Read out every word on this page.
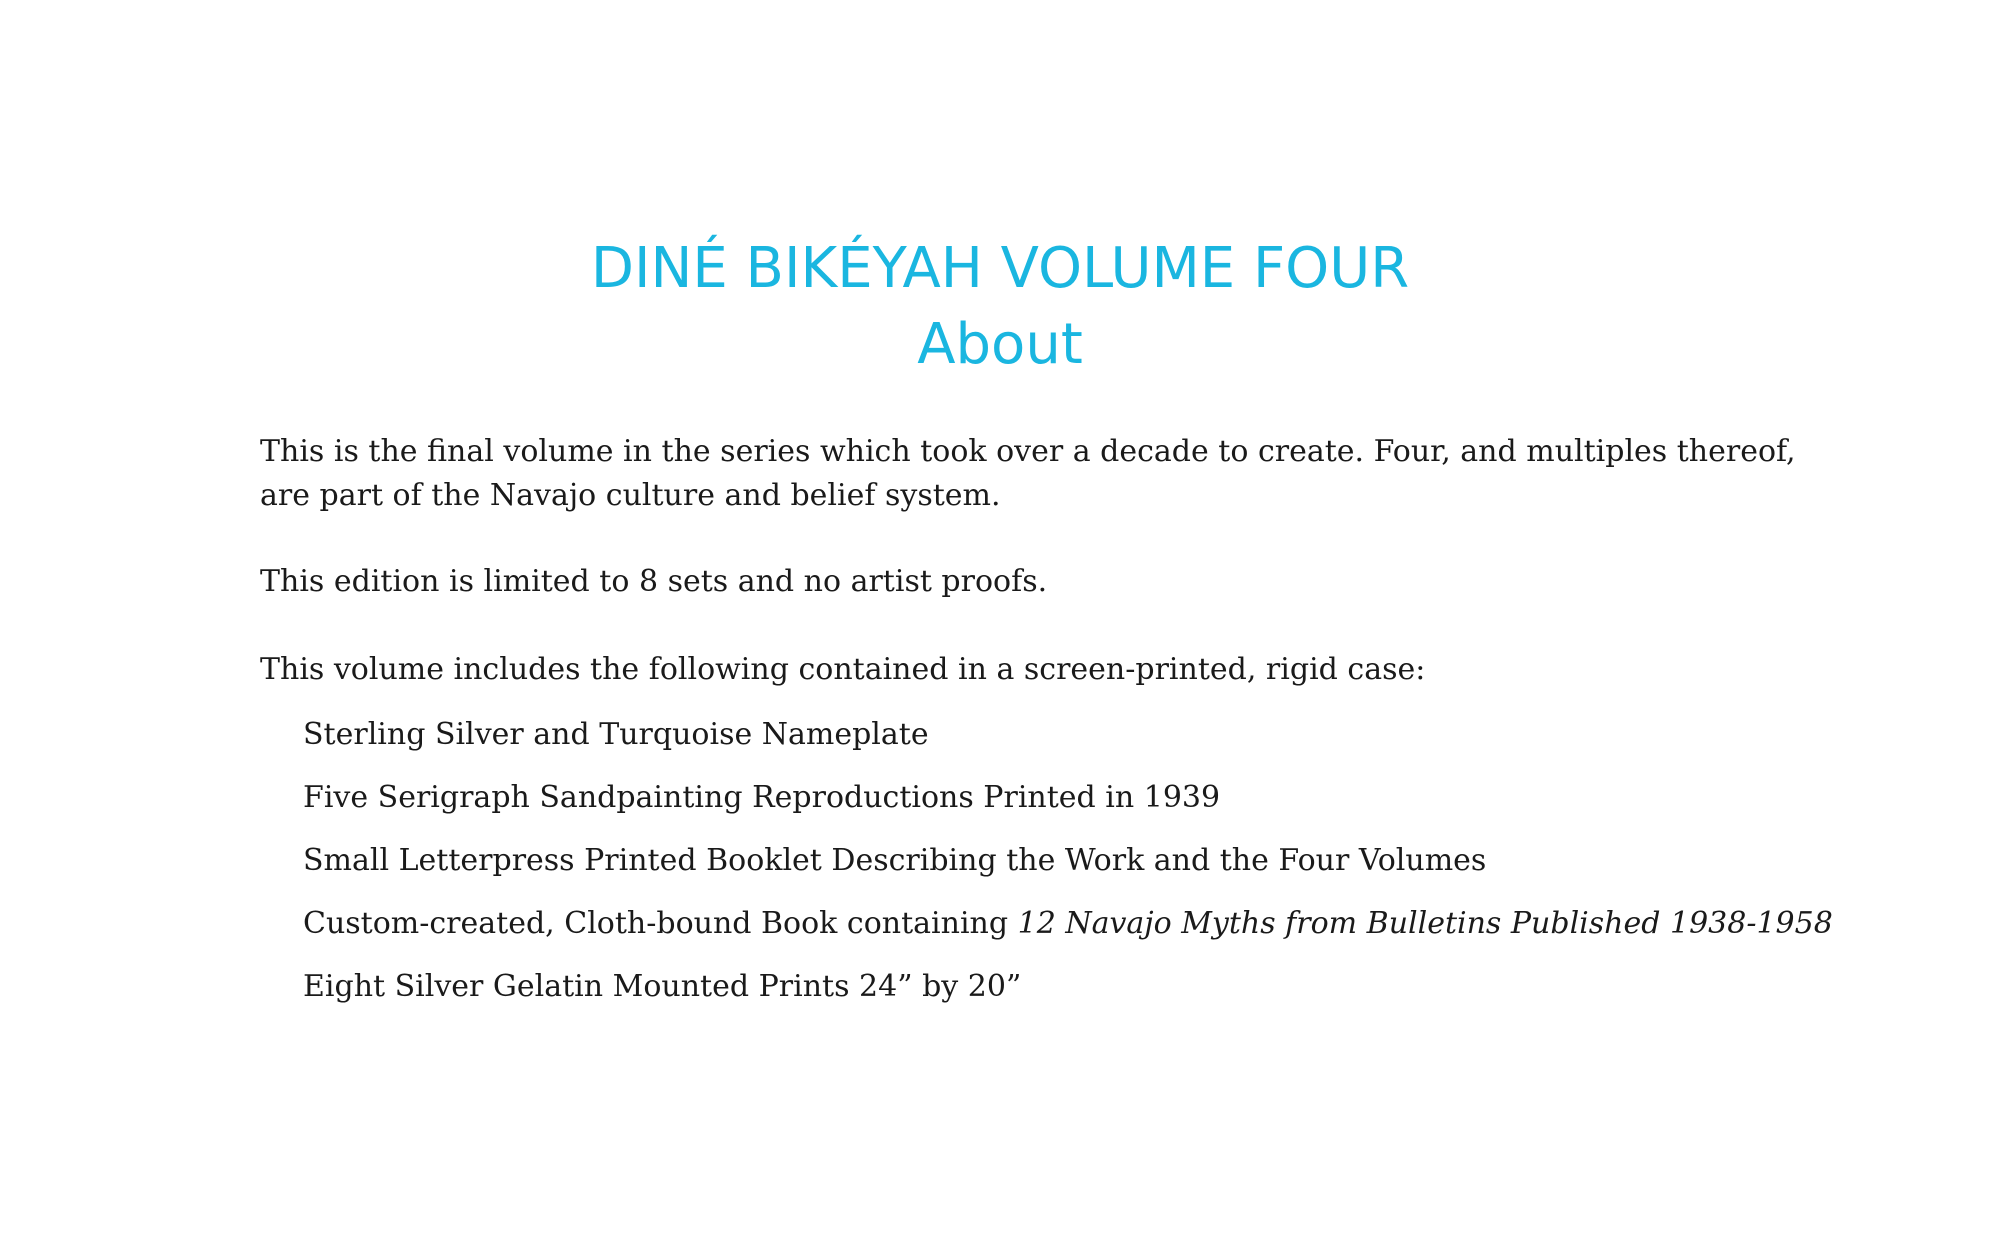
DINÉ BIKÉYAH VOLUME FOUR
About

This is the final volume in the series which took over a decade to create. Four, and multiples thereof, are part of the Navajo culture and belief system.

This edition is limited to 8 sets and no artist proofs.

This volume includes the following contained in a screen-printed, rigid case:

Sterling Silver and Turquoise Nameplate
Five Serigraph Sandpainting Reproductions Printed in 1939
Small Letterpress Printed Booklet Describing the Work and the Four Volumes
Custom-created, Cloth-bound Book containing 12 Navajo Myths from Bulletins Published 1938-1958
Eight Silver Gelatin Mounted Prints 24” by 20”
